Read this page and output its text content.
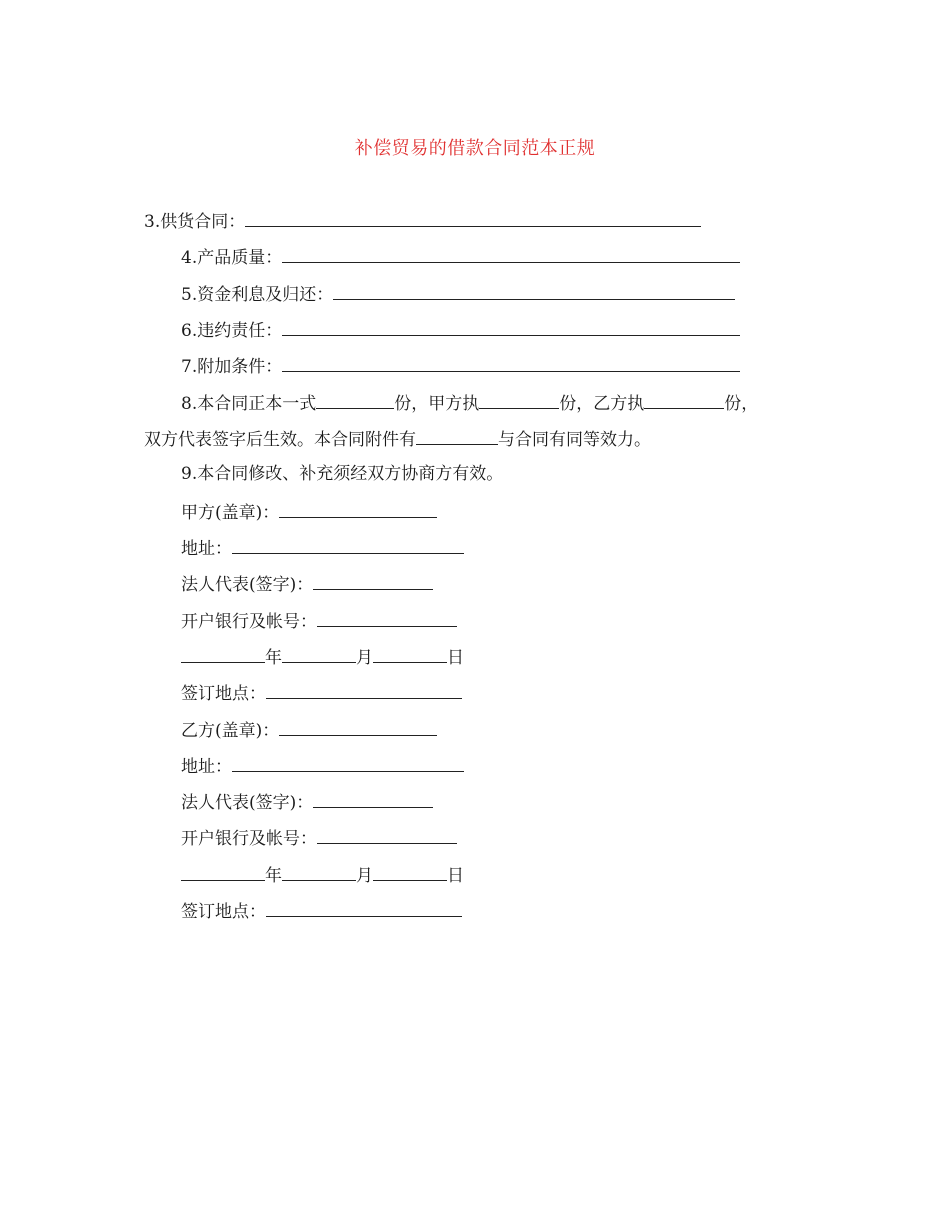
补偿贸易的借款合同范本正规
3.供货合同：
4.产品质量：
5.资金利息及归还：
6.违约责任：
7.附加条件：
8.本合同正本一式	份，甲方执	份，乙方执	份，
双方代表签字后生效。本合同附件有	与合同有同等效力。
9.本合同修改、补充须经双方协商方有效。
甲方(盖章)：
地址：
法人代表(签字)：
开户银行及帐号：
年	月	日
签订地点：
乙方(盖章)：
地址：
法人代表(签字)：
开户银行及帐号：
年	月	日
签订地点：
